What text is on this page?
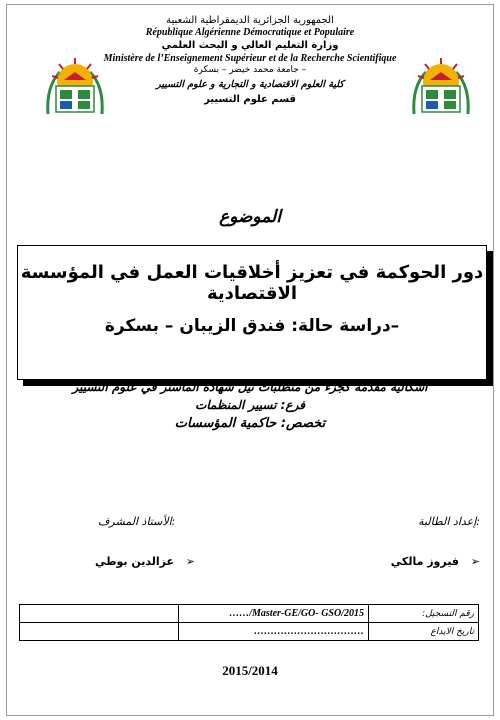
الجمهورية الجزائرية الديمقراطية الشعبية
République Algérienne Démocratique et Populaire
وزارة التعليم العالي و البحث العلمي
Ministère de l’Enseignement Supérieur et de la Recherche Scientifique
جامعة محمد خيضر – بسكرة –
كلية العلوم الاقتصادية و التجارية و علوم التسيير
قسم علوم التسيير
الموضوع
دور الحوكمة في تعزيز أخلاقيات العمل في المؤسسة الاقتصادية
دراسة حالة: فندق الزيبان – بسكرة–
اشكالية مقدمة كجزء من متطلبات نيل شهادة الماستر في علوم التسيير
فرع: تسيير المنظمات
تخصص: حاكمية المؤسسات
إعداد الطالبة:
الأستاذ المشرف:
➢ فيروز مالكي
➢ عزالدين بوطي
	……/Master-GE/GO- GSO/2015	رقم التسجيل:
	……………………………	تاريخ الايداع
2015/2014
